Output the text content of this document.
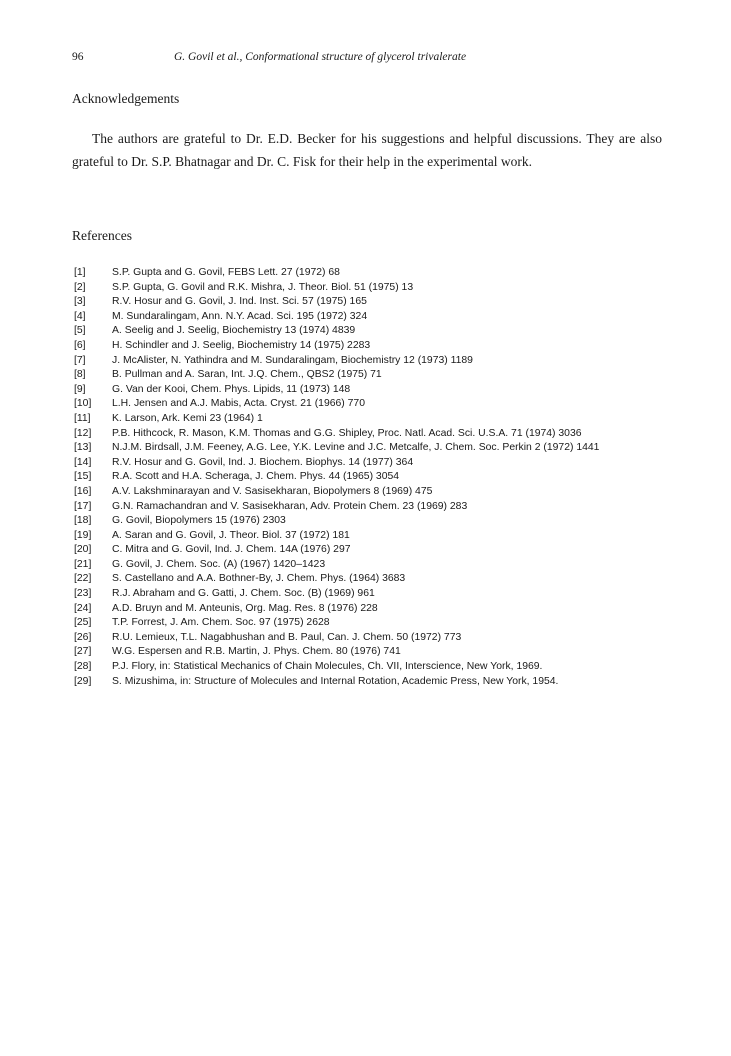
96	G. Govil et al., Conformational structure of glycerol trivalerate
Acknowledgements

The authors are grateful to Dr. E.D. Becker for his suggestions and helpful discussions. They are also grateful to Dr. S.P. Bhatnagar and Dr. C. Fisk for their help in the experimental work.

References
[1]	S.P. Gupta and G. Govil, FEBS Lett. 27 (1972) 68
[2]	S.P. Gupta, G. Govil and R.K. Mishra, J. Theor. Biol. 51 (1975) 13
[3]	R.V. Hosur and G. Govil, J. Ind. Inst. Sci. 57 (1975) 165
[4]	M. Sundaralingam, Ann. N.Y. Acad. Sci. 195 (1972) 324
[5]	A. Seelig and J. Seelig, Biochemistry 13 (1974) 4839
[6]	H. Schindler and J. Seelig, Biochemistry 14 (1975) 2283
[7]	J. McAlister, N. Yathindra and M. Sundaralingam, Biochemistry 12 (1973) 1189
[8]	B. Pullman and A. Saran, Int. J.Q. Chem., QBS2 (1975) 71
[9]	G. Van der Kooi, Chem. Phys. Lipids, 11 (1973) 148
[10]	L.H. Jensen and A.J. Mabis, Acta. Cryst. 21 (1966) 770
[11]	K. Larson, Ark. Kemi 23 (1964) 1
[12]	P.B. Hithcock, R. Mason, K.M. Thomas and G.G. Shipley, Proc. Natl. Acad. Sci. U.S.A. 71 (1974) 3036
[13]	N.J.M. Birdsall, J.M. Feeney, A.G. Lee, Y.K. Levine and J.C. Metcalfe, J. Chem. Soc. Perkin 2 (1972) 1441
[14]	R.V. Hosur and G. Govil, Ind. J. Biochem. Biophys. 14 (1977) 364
[15]	R.A. Scott and H.A. Scheraga, J. Chem. Phys. 44 (1965) 3054
[16]	A.V. Lakshminarayan and V. Sasisekharan, Biopolymers 8 (1969) 475
[17]	G.N. Ramachandran and V. Sasisekharan, Adv. Protein Chem. 23 (1969) 283
[18]	G. Govil, Biopolymers 15 (1976) 2303
[19]	A. Saran and G. Govil, J. Theor. Biol. 37 (1972) 181
[20]	C. Mitra and G. Govil, Ind. J. Chem. 14A (1976) 297
[21]	G. Govil, J. Chem. Soc. (A) (1967) 1420–1423
[22]	S. Castellano and A.A. Bothner-By, J. Chem. Phys. (1964) 3683
[23]	R.J. Abraham and G. Gatti, J. Chem. Soc. (B) (1969) 961
[24]	A.D. Bruyn and M. Anteunis, Org. Mag. Res. 8 (1976) 228
[25]	T.P. Forrest, J. Am. Chem. Soc. 97 (1975) 2628
[26]	R.U. Lemieux, T.L. Nagabhushan and B. Paul, Can. J. Chem. 50 (1972) 773
[27]	W.G. Espersen and R.B. Martin, J. Phys. Chem. 80 (1976) 741
[28]	P.J. Flory, in: Statistical Mechanics of Chain Molecules, Ch. VII, Interscience, New York, 1969.
[29]	S. Mizushima, in: Structure of Molecules and Internal Rotation, Academic Press, New York, 1954.
